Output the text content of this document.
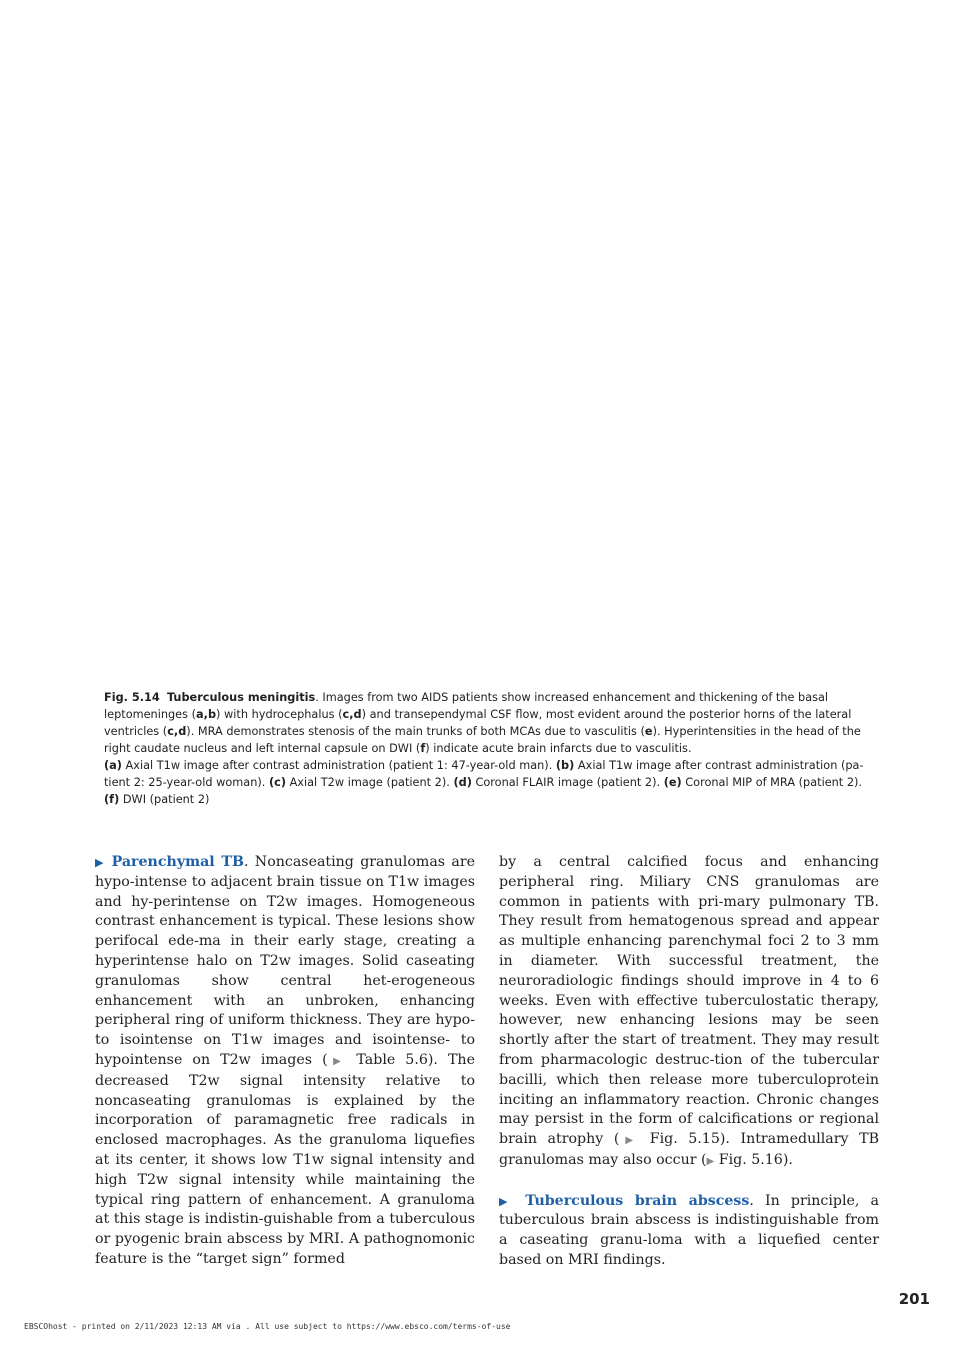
Fig. 5.14 Tuberculous meningitis. Images from two AIDS patients show increased enhancement and thickening of the basal leptomeninges (a,b) with hydrocephalus (c,d) and transependymal CSF flow, most evident around the posterior horns of the lateral ventricles (c,d). MRA demonstrates stenosis of the main trunks of both MCAs due to vasculitis (e). Hyperintensities in the head of the right caudate nucleus and left internal capsule on DWI (f) indicate acute brain infarcts due to vasculitis.

(a) Axial T1w image after contrast administration (patient 1: 47-year-old man). (b) Axial T1w image after contrast administration (pa-tient 2: 25-year-old woman). (c) Axial T2w image (patient 2). (d) Coronal FLAIR image (patient 2). (e) Coronal MIP of MRA (patient 2).
(f) DWI (patient 2)

▶ Parenchymal TB. Noncaseating granulomas are hypo-intense to adjacent brain tissue on T1w images and hy-perintense on T2w images. Homogeneous contrast enhancement is typical. These lesions show perifocal ede-ma in their early stage, creating a hyperintense halo on T2w images. Solid caseating granulomas show central het-erogeneous enhancement with an unbroken, enhancing peripheral ring of uniform thickness. They are hypo- to isointense on T1w images and isointense- to hypointense on T2w images (▶ Table 5.6). The decreased T2w signal intensity relative to noncaseating granulomas is explained by the incorporation of paramagnetic free radicals in enclosed macrophages. As the granuloma liquefies at its center, it shows low T1w signal intensity and high T2w signal intensity while maintaining the typical ring pattern of enhancement. A granuloma at this stage is indistin-guishable from a tuberculous or pyogenic brain abscess by MRI. A pathognomonic feature is the “target sign” formed

by a central calcified focus and enhancing peripheral ring. Miliary CNS granulomas are common in patients with pri-mary pulmonary TB. They result from hematogenous spread and appear as multiple enhancing parenchymal foci 2 to 3 mm in diameter. With successful treatment, the neuroradiologic findings should improve in 4 to 6 weeks. Even with effective tuberculostatic therapy, however, new enhancing lesions may be seen shortly after the start of treatment. They may result from pharmacologic destruc-tion of the tubercular bacilli, which then release more tuberculoprotein inciting an inflammatory reaction. Chronic changes may persist in the form of calcifications or regional brain atrophy (▶ Fig. 5.15). Intramedullary TB granulomas may also occur (▶ Fig. 5.16).

▶ Tuberculous brain abscess. In principle, a tuberculous brain abscess is indistinguishable from a caseating granu-loma with a liquefied center based on MRI findings.

201
EBSCOhost - printed on 2/11/2023 12:13 AM via . All use subject to https://www.ebsco.com/terms-of-use
